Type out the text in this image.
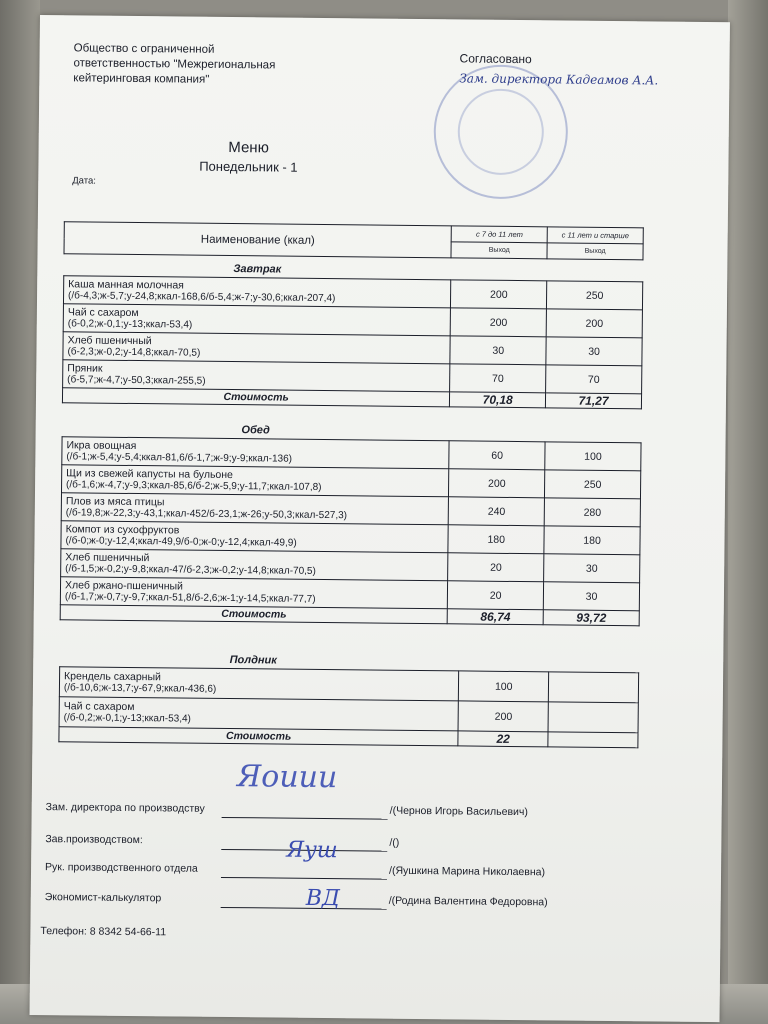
Общество с ограниченной
ответственностью "Межрегиональная
кейтеринговая компания"
Согласовано
Зам. директора Кадеамов А.А.
Меню
Понедельник - 1
Дата:
Наименование (ккал)	с 7 до 11 лет	с 11 лет и старше
	Выход	Выход
Завтрак
Каша манная молочная
(/б-4,3;ж-5,7;у-24,8;ккал-168,6/б-5,4;ж-7;у-30,6;ккал-207,4)	200	250

Чай с сахаром
(б-0,2;ж-0,1;у-13;ккал-53,4)	200	200

Хлеб пшеничный
(б-2,3;ж-0,2;у-14,8;ккал-70,5)	30	30

Пряник
(б-5,7;ж-4,7;у-50,3;ккал-255,5)	70	70
Стоимость	70,18	71,27
Обед
Икра овощная
(/б-1;ж-5,4;у-5,4;ккал-81,6/б-1,7;ж-9;у-9;ккал-136)	60	100

Щи из свежей капусты на бульоне
(/б-1,6;ж-4,7;у-9,3;ккал-85,6/б-2;ж-5,9;у-11,7;ккал-107,8)	200	250

Плов из мяса птицы
(/б-19,8;ж-22,3;у-43,1;ккал-452/б-23,1;ж-26;у-50,3;ккал-527,3)	240	280

Компот из сухофруктов
(/б-0;ж-0;у-12,4;ккал-49,9/б-0;ж-0;у-12,4;ккал-49,9)	180	180

Хлеб пшеничный
(/б-1,5;ж-0,2;у-9,8;ккал-47/б-2,3;ж-0,2;у-14,8;ккал-70,5)	20	30

Хлеб ржано-пшеничный
(/б-1,7;ж-0,7;у-9,7;ккал-51,8/б-2,6;ж-1;у-14,5;ккал-77,7)	20	30
Стоимость	86,74	93,72
Полдник
Крендель сахарный
(/б-10,6;ж-13,7;у-67,9;ккал-436,6)	100	

Чай с сахаром
(/б-0,2;ж-0,1;у-13;ккал-53,4)	200	
Стоимость	22	
Яоиии
Зам. директора по производству	/(Чернов Игорь Васильевич)
Зав.производством:	/()
Яуш
Рук. производственного отдела	/(Яушкина Марина Николаевна)
Экономист-калькулятор	/(Родина Валентина Федоровна)
ВД
Телефон: 8 8342 54-66-11
